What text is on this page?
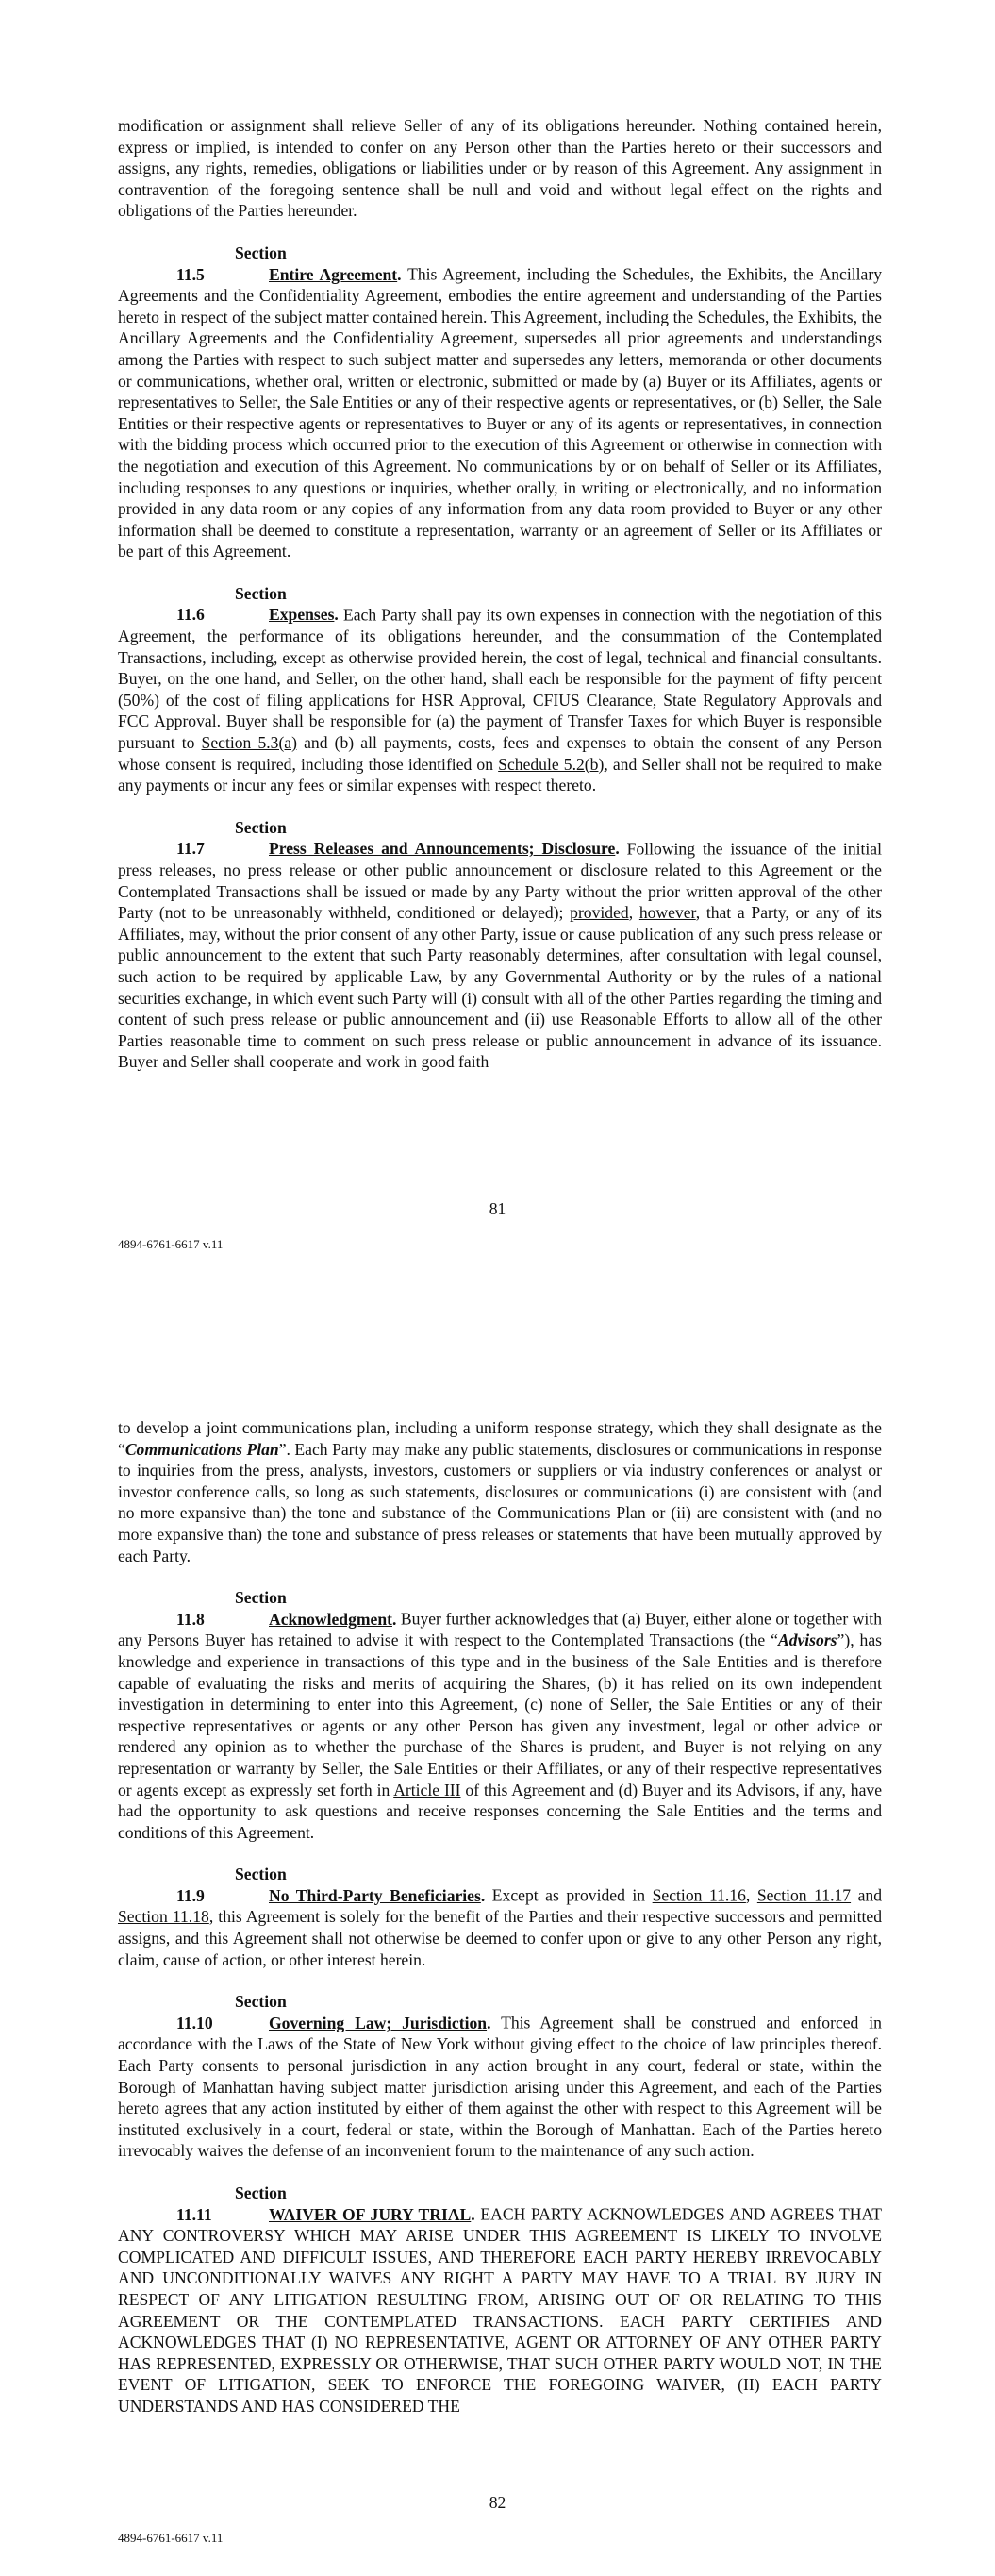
modification or assignment shall relieve Seller of any of its obligations hereunder. Nothing contained herein, express or implied, is intended to confer on any Person other than the Parties hereto or their successors and assigns, any rights, remedies, obligations or liabilities under or by reason of this Agreement. Any assignment in contravention of the foregoing sentence shall be null and void and without legal effect on the rights and obligations of the Parties hereunder.

Section 11.5	Entire Agreement. This Agreement, including the Schedules, the Exhibits, the Ancillary Agreements and the Confidentiality Agreement, embodies the entire agreement and understanding of the Parties hereto in respect of the subject matter contained herein. This Agreement, including the Schedules, the Exhibits, the Ancillary Agreements and the Confidentiality Agreement, supersedes all prior agreements and understandings among the Parties with respect to such subject matter and supersedes any letters, memoranda or other documents or communications, whether oral, written or electronic, submitted or made by (a) Buyer or its Affiliates, agents or representatives to Seller, the Sale Entities or any of their respective agents or representatives, or (b) Seller, the Sale Entities or their respective agents or representatives to Buyer or any of its agents or representatives, in connection with the bidding process which occurred prior to the execution of this Agreement or otherwise in connection with the negotiation and execution of this Agreement. No communications by or on behalf of Seller or its Affiliates, including responses to any questions or inquiries, whether orally, in writing or electronically, and no information provided in any data room or any copies of any information from any data room provided to Buyer or any other information shall be deemed to constitute a representation, warranty or an agreement of Seller or its Affiliates or be part of this Agreement.

Section 11.6	Expenses. Each Party shall pay its own expenses in connection with the negotiation of this Agreement, the performance of its obligations hereunder, and the consummation of the Contemplated Transactions, including, except as otherwise provided herein, the cost of legal, technical and financial consultants. Buyer, on the one hand, and Seller, on the other hand, shall each be responsible for the payment of fifty percent (50%) of the cost of filing applications for HSR Approval, CFIUS Clearance, State Regulatory Approvals and FCC Approval. Buyer shall be responsible for (a) the payment of Transfer Taxes for which Buyer is responsible pursuant to Section 5.3(a) and (b) all payments, costs, fees and expenses to obtain the consent of any Person whose consent is required, including those identified on Schedule 5.2(b), and Seller shall not be required to make any payments or incur any fees or similar expenses with respect thereto.

Section 11.7	Press Releases and Announcements; Disclosure. Following the issuance of the initial press releases, no press release or other public announcement or disclosure related to this Agreement or the Contemplated Transactions shall be issued or made by any Party without the prior written approval of the other Party (not to be unreasonably withheld, conditioned or delayed); provided, however, that a Party, or any of its Affiliates, may, without the prior consent of any other Party, issue or cause publication of any such press release or public announcement to the extent that such Party reasonably determines, after consultation with legal counsel, such action to be required by applicable Law, by any Governmental Authority or by the rules of a national securities exchange, in which event such Party will (i) consult with all of the other Parties regarding the timing and content of such press release or public announcement and (ii) use Reasonable Efforts to allow all of the other Parties reasonable time to comment on such press release or public announcement in advance of its issuance. Buyer and Seller shall cooperate and work in good faith

81
4894-6761-6617 v.11

to develop a joint communications plan, including a uniform response strategy, which they shall designate as the “Communications Plan”. Each Party may make any public statements, disclosures or communications in response to inquiries from the press, analysts, investors, customers or suppliers or via industry conferences or analyst or investor conference calls, so long as such statements, disclosures or communications (i) are consistent with (and no more expansive than) the tone and substance of the Communications Plan or (ii) are consistent with (and no more expansive than) the tone and substance of press releases or statements that have been mutually approved by each Party.

Section 11.8	Acknowledgment. Buyer further acknowledges that (a) Buyer, either alone or together with any Persons Buyer has retained to advise it with respect to the Contemplated Transactions (the “Advisors”), has knowledge and experience in transactions of this type and in the business of the Sale Entities and is therefore capable of evaluating the risks and merits of acquiring the Shares, (b) it has relied on its own independent investigation in determining to enter into this Agreement, (c) none of Seller, the Sale Entities or any of their respective representatives or agents or any other Person has given any investment, legal or other advice or rendered any opinion as to whether the purchase of the Shares is prudent, and Buyer is not relying on any representation or warranty by Seller, the Sale Entities or their Affiliates, or any of their respective representatives or agents except as expressly set forth in Article III of this Agreement and (d) Buyer and its Advisors, if any, have had the opportunity to ask questions and receive responses concerning the Sale Entities and the terms and conditions of this Agreement.

Section 11.9	No Third-Party Beneficiaries. Except as provided in Section 11.16, Section 11.17 and Section 11.18, this Agreement is solely for the benefit of the Parties and their respective successors and permitted assigns, and this Agreement shall not otherwise be deemed to confer upon or give to any other Person any right, claim, cause of action, or other interest herein.

Section 11.10	Governing Law; Jurisdiction. This Agreement shall be construed and enforced in accordance with the Laws of the State of New York without giving effect to the choice of law principles thereof. Each Party consents to personal jurisdiction in any action brought in any court, federal or state, within the Borough of Manhattan having subject matter jurisdiction arising under this Agreement, and each of the Parties hereto agrees that any action instituted by either of them against the other with respect to this Agreement will be instituted exclusively in a court, federal or state, within the Borough of Manhattan. Each of the Parties hereto irrevocably waives the defense of an inconvenient forum to the maintenance of any such action.

Section 11.11	WAIVER OF JURY TRIAL. EACH PARTY ACKNOWLEDGES AND AGREES THAT ANY CONTROVERSY WHICH MAY ARISE UNDER THIS AGREEMENT IS LIKELY TO INVOLVE COMPLICATED AND DIFFICULT ISSUES, AND THEREFORE EACH PARTY HEREBY IRREVOCABLY AND UNCONDITIONALLY WAIVES ANY RIGHT A PARTY MAY HAVE TO A TRIAL BY JURY IN RESPECT OF ANY LITIGATION RESULTING FROM, ARISING OUT OF OR RELATING TO THIS AGREEMENT OR THE CONTEMPLATED TRANSACTIONS. EACH PARTY CERTIFIES AND ACKNOWLEDGES THAT (I) NO REPRESENTATIVE, AGENT OR ATTORNEY OF ANY OTHER PARTY HAS REPRESENTED, EXPRESSLY OR OTHERWISE, THAT SUCH OTHER PARTY WOULD NOT, IN THE EVENT OF LITIGATION, SEEK TO ENFORCE THE FOREGOING WAIVER, (II) EACH PARTY UNDERSTANDS AND HAS CONSIDERED THE

82
4894-6761-6617 v.11
